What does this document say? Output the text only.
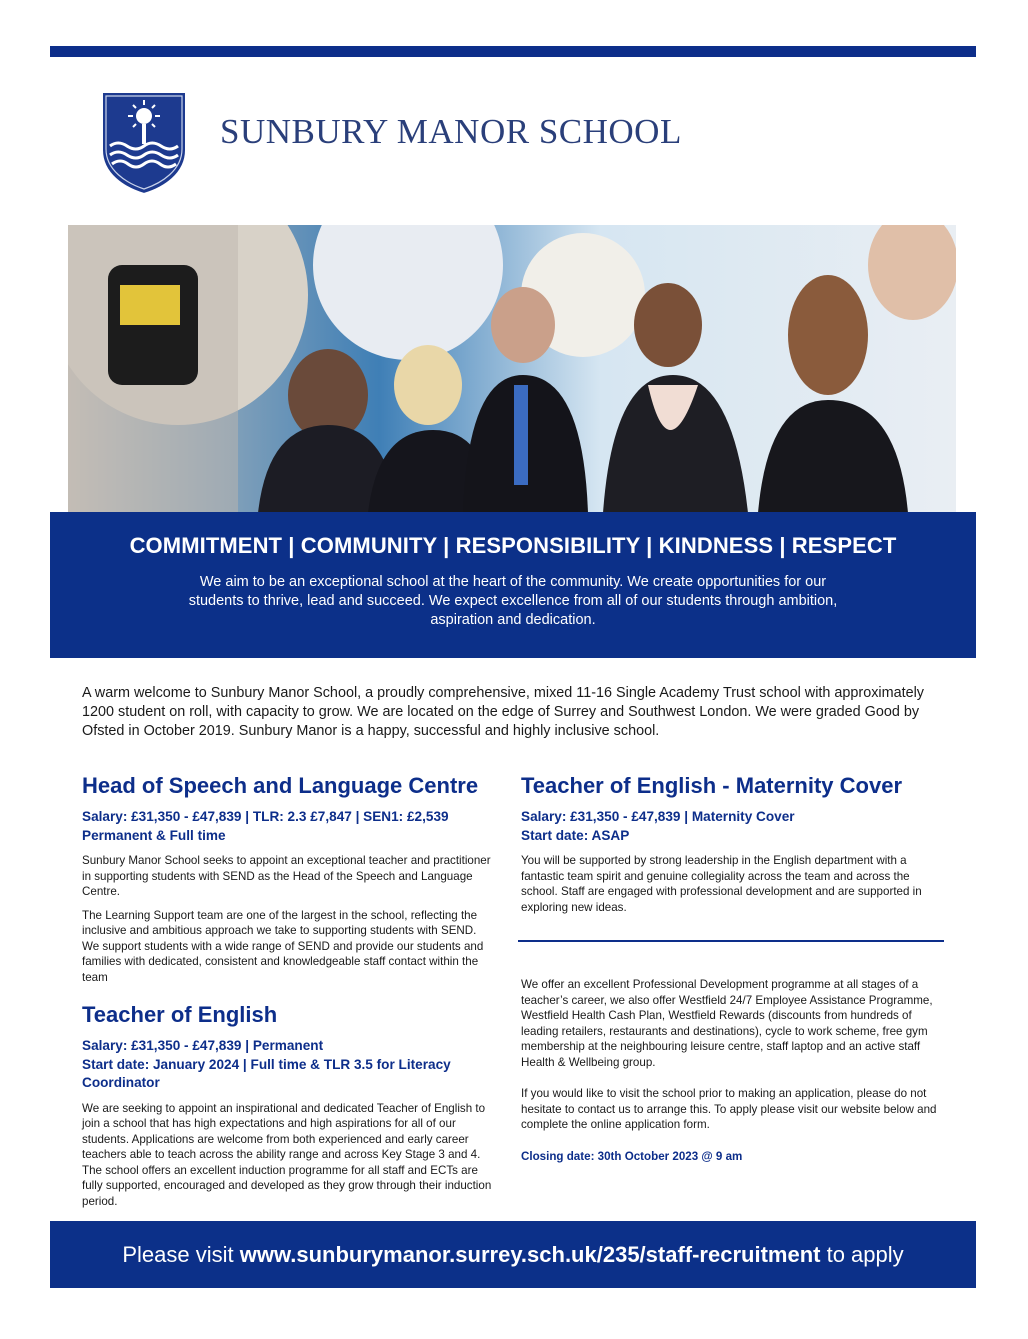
SUNBURY MANOR SCHOOL
COMMITMENT | COMMUNITY | RESPONSIBILITY | KINDNESS | RESPECT
We aim to be an exceptional school at the heart of the community. We create opportunities for our students to thrive, lead and succeed. We expect excellence from all of our students through ambition, aspiration and dedication.
A warm welcome to Sunbury Manor School, a proudly comprehensive, mixed 11-16 Single Academy Trust school with approximately 1200 student on roll, with capacity to grow. We are located on the edge of Surrey and Southwest London. We were graded Good by Ofsted in October 2019. Sunbury Manor is a happy, successful and highly inclusive school.
Head of Speech and Language Centre
Salary: £31,350 - £47,839 | TLR: 2.3 £7,847 | SEN1: £2,539
Permanent & Full time

Sunbury Manor School seeks to appoint an exceptional teacher and practitioner in supporting students with SEND as the Head of the Speech and Language Centre.

The Learning Support team are one of the largest in the school, reflecting the inclusive and ambitious approach we take to supporting students with SEND. We support students with a wide range of SEND and provide our students and families with dedicated, consistent and knowledgeable staff contact within the team

Teacher of English
Salary: £31,350 - £47,839 | Permanent
Start date: January 2024 | Full time & TLR 3.5 for Literacy Coordinator

We are seeking to appoint an inspirational and dedicated Teacher of English to join a school that has high expectations and high aspirations for all of our students. Applications are welcome from both experienced and early career teachers able to teach across the ability range and across Key Stage 3 and 4. The school offers an excellent induction programme for all staff and ECTs are fully supported, encouraged and developed as they grow through their induction period.

Teacher of English - Maternity Cover
Salary: £31,350 - £47,839 | Maternity Cover
Start date: ASAP

You will be supported by strong leadership in the English department with a fantastic team spirit and genuine collegiality across the team and across the school. Staff are engaged with professional development and are supported in exploring new ideas.

We offer an excellent Professional Development programme at all stages of a teacher’s career, we also offer Westfield 24/7 Employee Assistance Programme, Westfield Health Cash Plan, Westfield Rewards (discounts from hundreds of leading retailers, restaurants and destinations), cycle to work scheme, free gym membership at the neighbouring leisure centre, staff laptop and an active staff Health & Wellbeing group.

If you would like to visit the school prior to making an application, please do not hesitate to contact us to arrange this. To apply please visit our website below and complete the online application form.

Closing date: 30th October 2023 @ 9 am

Please visit www.sunburymanor.surrey.sch.uk/235/staff-recruitment to apply
